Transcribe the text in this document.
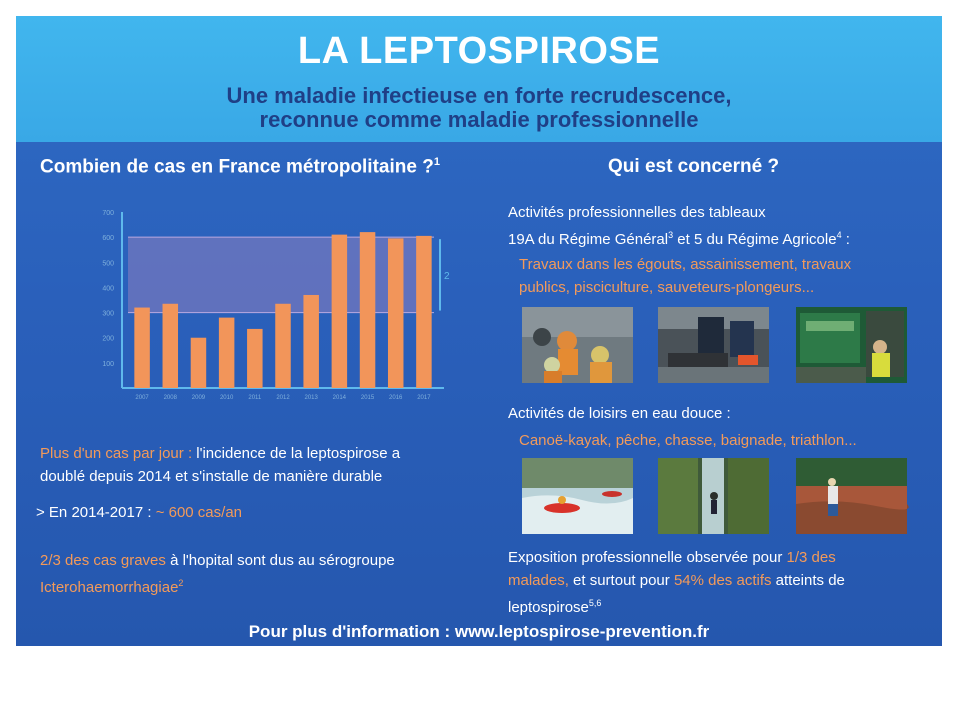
LA LEPTOSPIROSE
Une maladie infectieuse en forte recrudescence,
reconnue comme maladie professionnelle
Combien de cas en France métropolitaine ?$^1$
2
100
200
300
400
500
600
700
2007 2008 2009 2010	2011	2012 2013 2014 2015 2016 2017
Plus d'un cas par jour : l'incidence de la leptospirose a
doublé depuis 2014 et s'installe de manière durable
> En 2014-2017 : ~ 600 cas/an
2/3 des cas graves à l'hopital sont dus au sérogroupe
Icterohaemorrhagiae$^2$
Qui est concerné ?
Activités professionnelles des tableaux
19A du Régime Général$^3$ et 5 du Régime Agricole$^4$ :
Travaux dans les égouts, assainissement, travaux
publics, pisciculture, sauveteurs-plongeurs...
Activités de loisirs en eau douce :
Canoë-kayak, pêche, chasse, baignade, triathlon...
Exposition professionnelle observée pour 1/3 des
malades, et surtout pour 54% des actifs atteints de
leptospirose$^{5,6}$
Pour plus d'information : www.leptospirose-prevention.fr
